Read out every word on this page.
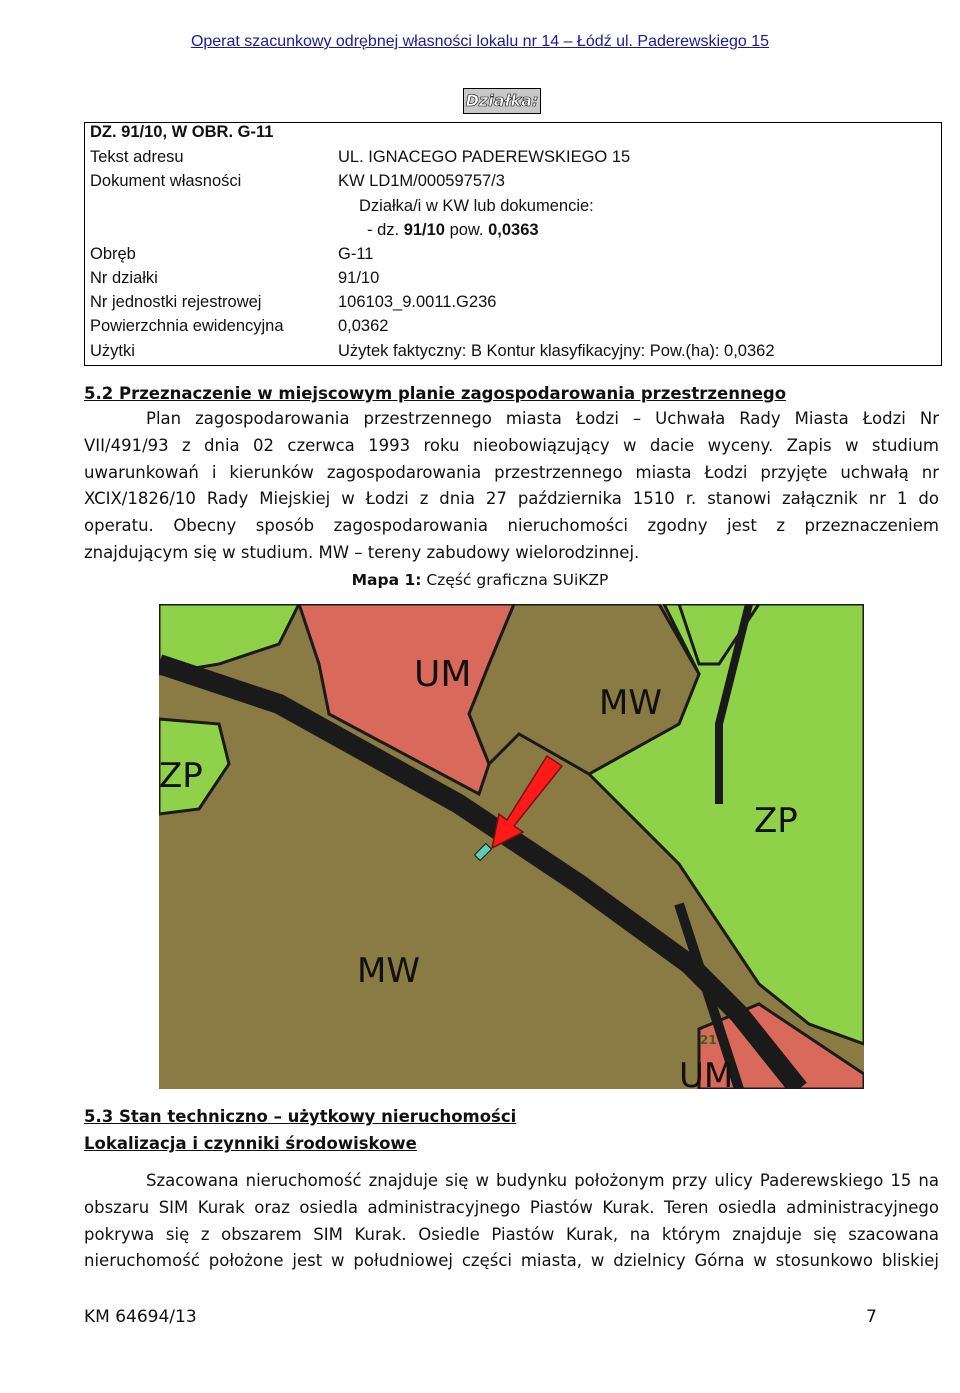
Operat szacunkowy odrębnej własności lokalu nr 14 – Łódź ul. Paderewskiego 15
Działka:
DZ. 91/10, W OBR. G-11
Tekst adresu	UL. IGNACEGO PADEREWSKIEGO 15
Dokument własności	KW LD1M/00059757/3
Działka/i w KW lub dokumencie:
- dz. 91/10 pow. 0,0363
Obręb	G-11
Nr działki	91/10
Nr jednostki rejestrowej	106103_9.0011.G236
Powierzchnia ewidencyjna	0,0362
Użytki	Użytek faktyczny: B Kontur klasyfikacyjny: Pow.(ha): 0,0362
5.2 Przeznaczenie w miejscowym planie zagospodarowania przestrzennego
Plan zagospodarowania przestrzennego miasta Łodzi – Uchwała Rady Miasta Łodzi Nr
VII/491/93 z dnia 02 czerwca 1993 roku nieobowiązujący w dacie wyceny. Zapis w studium
uwarunkowań i kierunków zagospodarowania przestrzennego miasta Łodzi przyjęte uchwałą nr
XCIX/1826/10 Rady Miejskiej w Łodzi z dnia 27 października 1510 r. stanowi załącznik nr 1 do
operatu. Obecny sposób zagospodarowania nieruchomości zgodny jest z przeznaczeniem
znajdującym się w studium. MW – tereny zabudowy wielorodzinnej.
Mapa 1: Część graficzna SUiKZP
UM
MW
ZP
ZP
MW
21
UM
5.3 Stan techniczno – użytkowy nieruchomości
Lokalizacja i czynniki środowiskowe
Szacowana nieruchomość znajduje się w budynku położonym przy ulicy Paderewskiego 15 na
obszaru SIM Kurak oraz osiedla administracyjnego Piastów Kurak. Teren osiedla administracyjnego
pokrywa się z obszarem SIM Kurak. Osiedle Piastów Kurak, na którym znajduje się szacowana
nieruchomość położone jest w południowej części miasta, w dzielnicy Górna w stosunkowo bliskiej
KM 64694/13	7
